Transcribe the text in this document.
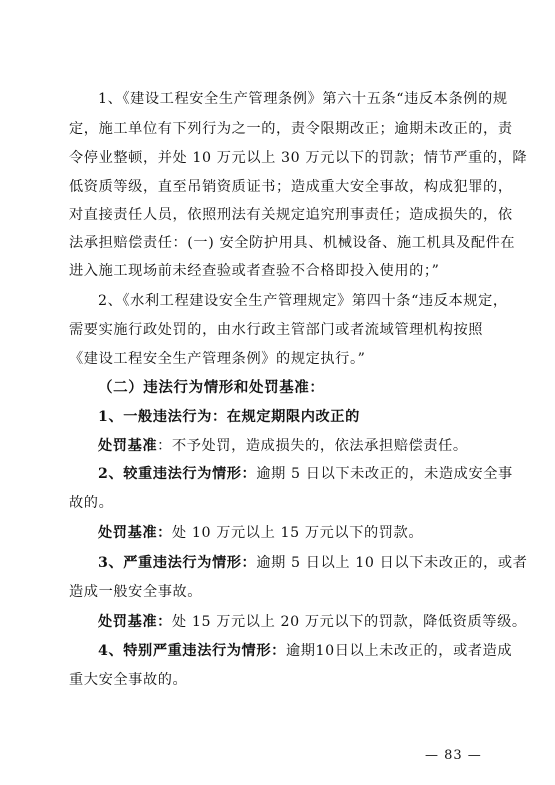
1、《建设工程安全生产管理条例》第六十五条“违反本条例的规
定，施工单位有下列行为之一的，责令限期改正；逾期未改正的，责
令停业整顿，并处 10 万元以上 30 万元以下的罚款；情节严重的，降
低资质等级，直至吊销资质证书；造成重大安全事故，构成犯罪的，
对直接责任人员，依照刑法有关规定追究刑事责任；造成损失的，依
法承担赔偿责任：(一) 安全防护用具、机械设备、施工机具及配件在
进入施工现场前未经查验或者查验不合格即投入使用的；”
2、《水利工程建设安全生产管理规定》第四十条“违反本规定，
需要实施行政处罚的，由水行政主管部门或者流域管理机构按照
《建设工程安全生产管理条例》的规定执行。”
（二）违法行为情形和处罚基准：
1、一般违法行为：在规定期限内改正的
处罚基准：不予处罚，造成损失的，依法承担赔偿责任。
2、较重违法行为情形：逾期 5 日以下未改正的，未造成安全事
故的。
处罚基准：处 10 万元以上 15 万元以下的罚款。
3、严重违法行为情形：逾期 5 日以上 10 日以下未改正的，或者
造成一般安全事故。
处罚基准：处 15 万元以上 20 万元以下的罚款，降低资质等级。
4、特别严重违法行为情形：逾期10日以上未改正的，或者造成
重大安全事故的。
— 83 —
